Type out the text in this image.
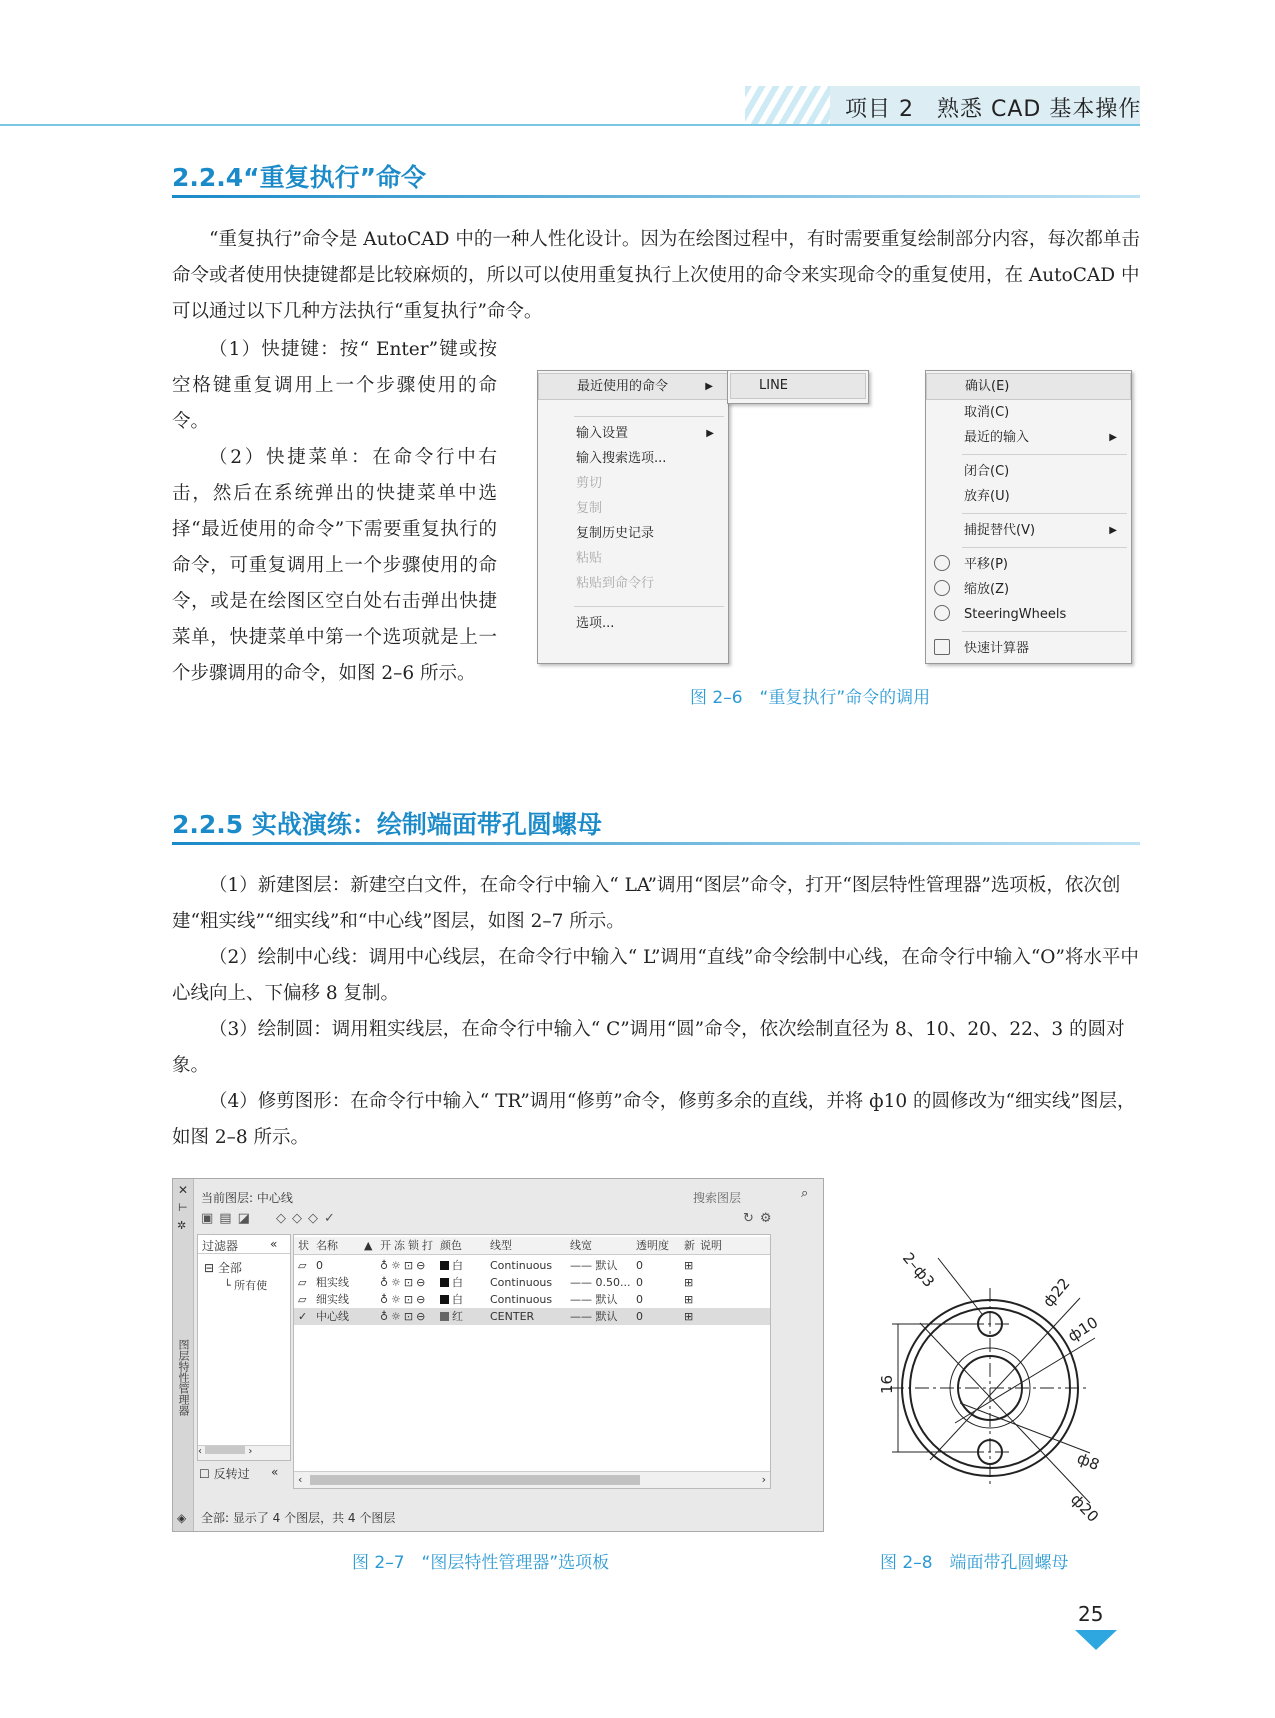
项目 2　熟悉 CAD 基本操作
2.2.4“重复执行”命令

“重复执行”命令是 AutoCAD 中的一种人性化设计。因为在绘图过程中，有时需要重复绘制部分内容，每次都单击命令或者使用快捷键都是比较麻烦的，所以可以使用重复执行上次使用的命令来实现命令的重复使用，在 AutoCAD 中可以通过以下几种方法执行“重复执行”命令。

（1）快捷键：按“ Enter”键或按空格键重复调用上一个步骤使用的命令。

（2）快捷菜单：在命令行中右击，然后在系统弹出的快捷菜单中选择“最近使用的命令”下需要重复执行的命令，可重复调用上一个步骤使用的命令，或是在绘图区空白处右击弹出快捷菜单，快捷菜单中第一个选项就是上一个步骤调用的命令，如图 2–6 所示。

最近使用的命令	▶
输入设置	▶
输入搜索选项...
剪切
复制
复制历史记录
粘贴
粘贴到命令行
选项...
LINE	确认(E)
取消(C)
最近的输入	▶
闭合(C)
放弃(U)
捕捉替代(V)	▶
平移(P)
缩放(Z)
SteeringWheels
快速计算器
图 2–6　“重复执行”命令的调用
2.2.5 实战演练：绘制端面带孔圆螺母

（1）新建图层：新建空白文件，在命令行中输入“ LA”调用“图层”命令，打开“图层特性管理器”选项板，依次创建“粗实线”“细实线”和“中心线”图层，如图 2–7 所示。

（2）绘制中心线：调用中心线层，在命令行中输入“ L”调用“直线”命令绘制中心线，在命令行中输入“O”将水平中心线向上、下偏移 8 复制。

（3）绘制圆：调用粗实线层，在命令行中输入“ C”调用“圆”命令，依次绘制直径为 8、10、20、22、3 的圆对象。

（4）修剪图形：在命令行中输入“ TR”调用“修剪”命令，修剪多余的直线，并将 ф10 的圆修改为“细实线”图层，如图 2–8 所示。

✕
⊢
✲
图层特性管理器
◈
当前图层: 中心线	搜索图层	⌕
▣▤◪ ◇◇◇✓	↻⚙
过滤器	«
⊟ 全部
└ 所有使
‹	›
☐ 反转过 «
状 名称 ▲ 开 冻 锁 打 颜色	线型	线宽	透明度 新 说明
▱ 0	♁☼⊡⊖	白 Continuous —— 默认 0	⊞
▱ 粗实线	♁☼⊡⊖	白 Continuous —— 0.50... 0	⊞
▱ 细实线	♁☼⊡⊖	白 Continuous —— 默认 0	⊞
✓ 中心线	♁☼⊡⊖	红 CENTER	—— 默认 0	⊞
‹	›
全部: 显示了 4 个图层，共 4 个图层
图 2–7　“图层特性管理器”选项板
2–ф3
ф22
ф10
ф8
ф20
16
图 2–8　端面带孔圆螺母
25
